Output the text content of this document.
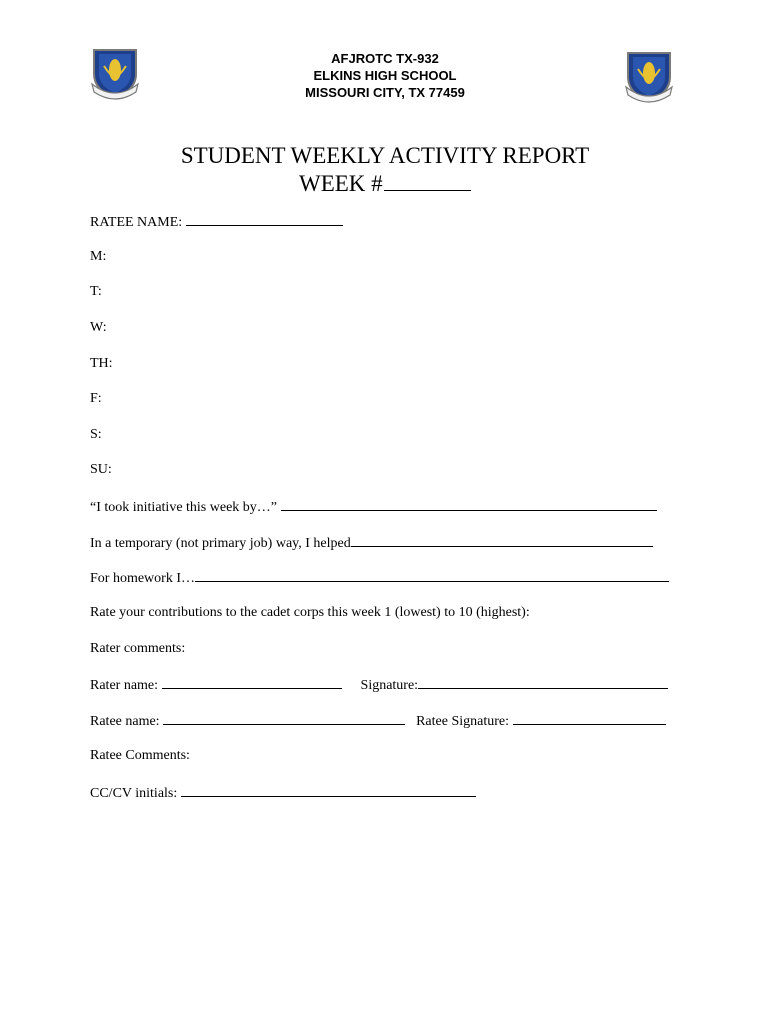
AFJROTC TX-932
ELKINS HIGH SCHOOL
MISSOURI CITY, TX 77459
STUDENT WEEKLY ACTIVITY REPORT
WEEK #
RATEE NAME:
M:
T:
W:
TH:
F:
S:
SU:
“I took initiative this week by…”
In a temporary (not primary job) way, I helped
For homework I…
Rate your contributions to the cadet corps this week 1 (lowest) to 10 (highest):
Rater comments:
Rater name:	Signature:
Ratee name:	Ratee Signature:
Ratee Comments:
CC/CV initials:
